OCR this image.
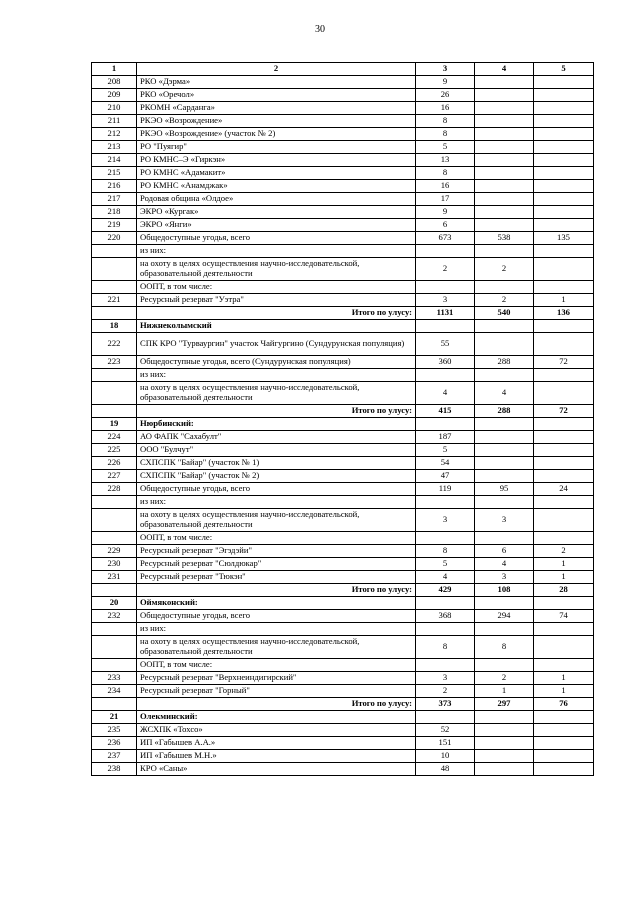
30
1	2	3	4	5
208	РКО «Дэрма»	9		
209	РКО «Оречол»	26		
210	РКОМН «Сарданга»	16		
211	РКЭО «Возрождение»	8		
212	РКЭО «Возрождение» (участок № 2)	8		
213	РО "Пуягир"	5		
214	РО КМНС–Э «Гиркэн»	13		
215	РО КМНС «Адамакит»	8		
216	РО КМНС «Анамджак»	16		
217	Родовая община «Олдое»	17		
218	ЭКРО «Кургак»	9		
219	ЭКРО «Янги»	6		
220	Общедоступные угодья, всего	673	538	135
	из них:			
	на охоту в целях осуществления научно-исследовательской, образовательной деятельности	2	2	
	ООПТ, в том числе:			
221	Ресурсный резерват "Уэтра"	3	2	1
	Итого по улусу:	1131	540	136
18	Нижнеколымский			
222	СПК КРО "Турваургин" участок Чайгургино (Сундурунская популяция)	55		
223	Общедоступные угодья, всего (Сундурунская популяция)	360	288	72
	из них:			
	на охоту в целях осуществления научно-исследовательской, образовательной деятельности	4	4	
	Итого по улусу:	415	288	72
19	Нюрбинский:			
224	АО ФАПК "Сахабулт"	187		
225	ООО "Булчут"	5		
226	СХПСПК "Байар" (участок № 1)	54		
227	СХПСПК "Байар" (участок № 2)	47		
228	Общедоступные угодья, всего	119	95	24
	из них:			
	на охоту в целях осуществления научно-исследовательской, образовательной деятельности	3	3	
	ООПТ, в том числе:			
229	Ресурсный резерват "Эгэдэйи"	8	6	2
230	Ресурсный резерват "Сюлдюкар"	5	4	1
231	Ресурсный резерват "Тюкэн"	4	3	1
	Итого по улусу:	429	108	28
20	Оймяконский:			
232	Общедоступные угодья, всего	368	294	74
	из них:			
	на охоту в целях осуществления научно-исследовательской, образовательной деятельности	8	8	
	ООПТ, в том числе:			
233	Ресурсный резерват "Верхнеиндигирский"	3	2	1
234	Ресурсный резерват "Горный"	2	1	1
	Итого по улусу:	373	297	76
21	Олекминский:			
235	ЖСХПК «Тохсо»	52		
236	ИП «Габышев А.А.»	151		
237	ИП «Габышев М.Н.»	10		
238	КРО «Саны»	48		
